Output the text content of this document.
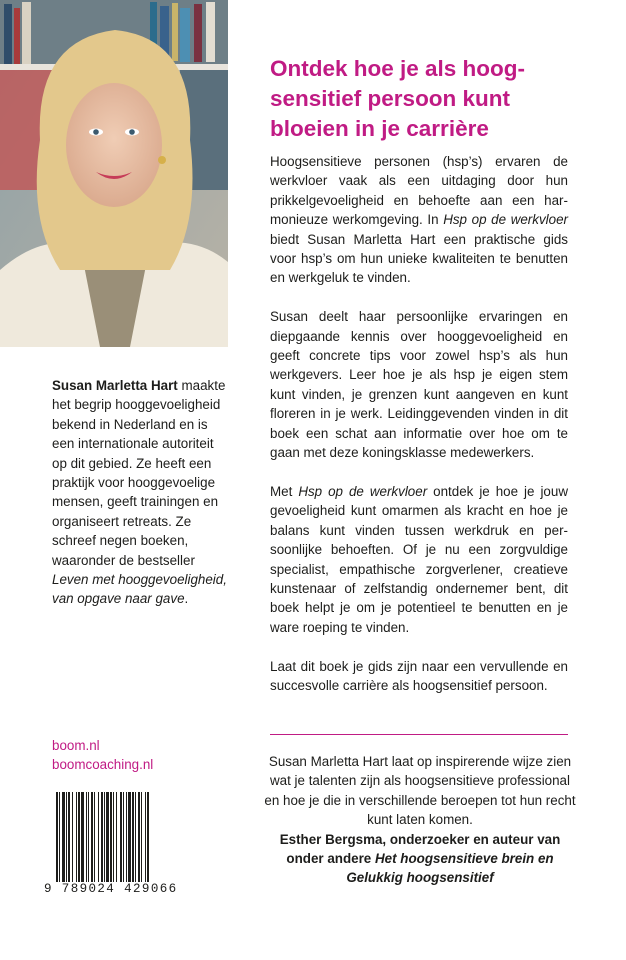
Susan Marletta Hart maakte het begrip hooggevoeligheid bekend in Nederland en is een internationale autoriteit op dit gebied. Ze heeft een praktijk voor hooggevoelige mensen, geeft trainingen en organiseert retreats. Ze schreef negen boeken, waaronder de bestseller Leven met hooggevoeligheid, van opgave naar gave.

boom.nl
boomcoaching.nl
9 789024 429066
Ontdek hoe je als hoogsensitief persoon kunt bloeien in je carrière

Hoogsensitieve personen (hsp’s) ervaren de werkvloer vaak als een uitdaging door hun prikkelgevoeligheid en behoefte aan een harmonieuze werkomgeving. In Hsp op de werkvloer biedt Susan Marletta Hart een praktische gids voor hsp’s om hun unieke kwaliteiten te benutten en werkgeluk te vinden.

Susan deelt haar persoonlijke ervaringen en diepgaande kennis over hooggevoeligheid en geeft concrete tips voor zowel hsp’s als hun werkgevers. Leer hoe je als hsp je eigen stem kunt vinden, je grenzen kunt aangeven en kunt floreren in je werk. Leidinggevenden vinden in dit boek een schat aan informatie over hoe om te gaan met deze koningsklasse medewerkers.

Met Hsp op de werkvloer ontdek je hoe je jouw gevoeligheid kunt omarmen als kracht en hoe je balans kunt vinden tussen werkdruk en persoonlijke behoeften. Of je nu een zorgvuldige specialist, empathische zorgverlener, creatieve kunstenaar of zelfstandig ondernemer bent, dit boek helpt je om je potentieel te benutten en je ware roeping te vinden.

Laat dit boek je gids zijn naar een vervullende en succesvolle carrière als hoogsensitief persoon.

Susan Marletta Hart laat op inspirerende wijze zien wat je talenten zijn als hoogsensitieve professional en hoe je die in verschillende beroepen tot hun recht kunt laten komen.
Esther Bergsma, onderzoeker en auteur van onder andere Het hoogsensitieve brein en Gelukkig hoogsensitief
